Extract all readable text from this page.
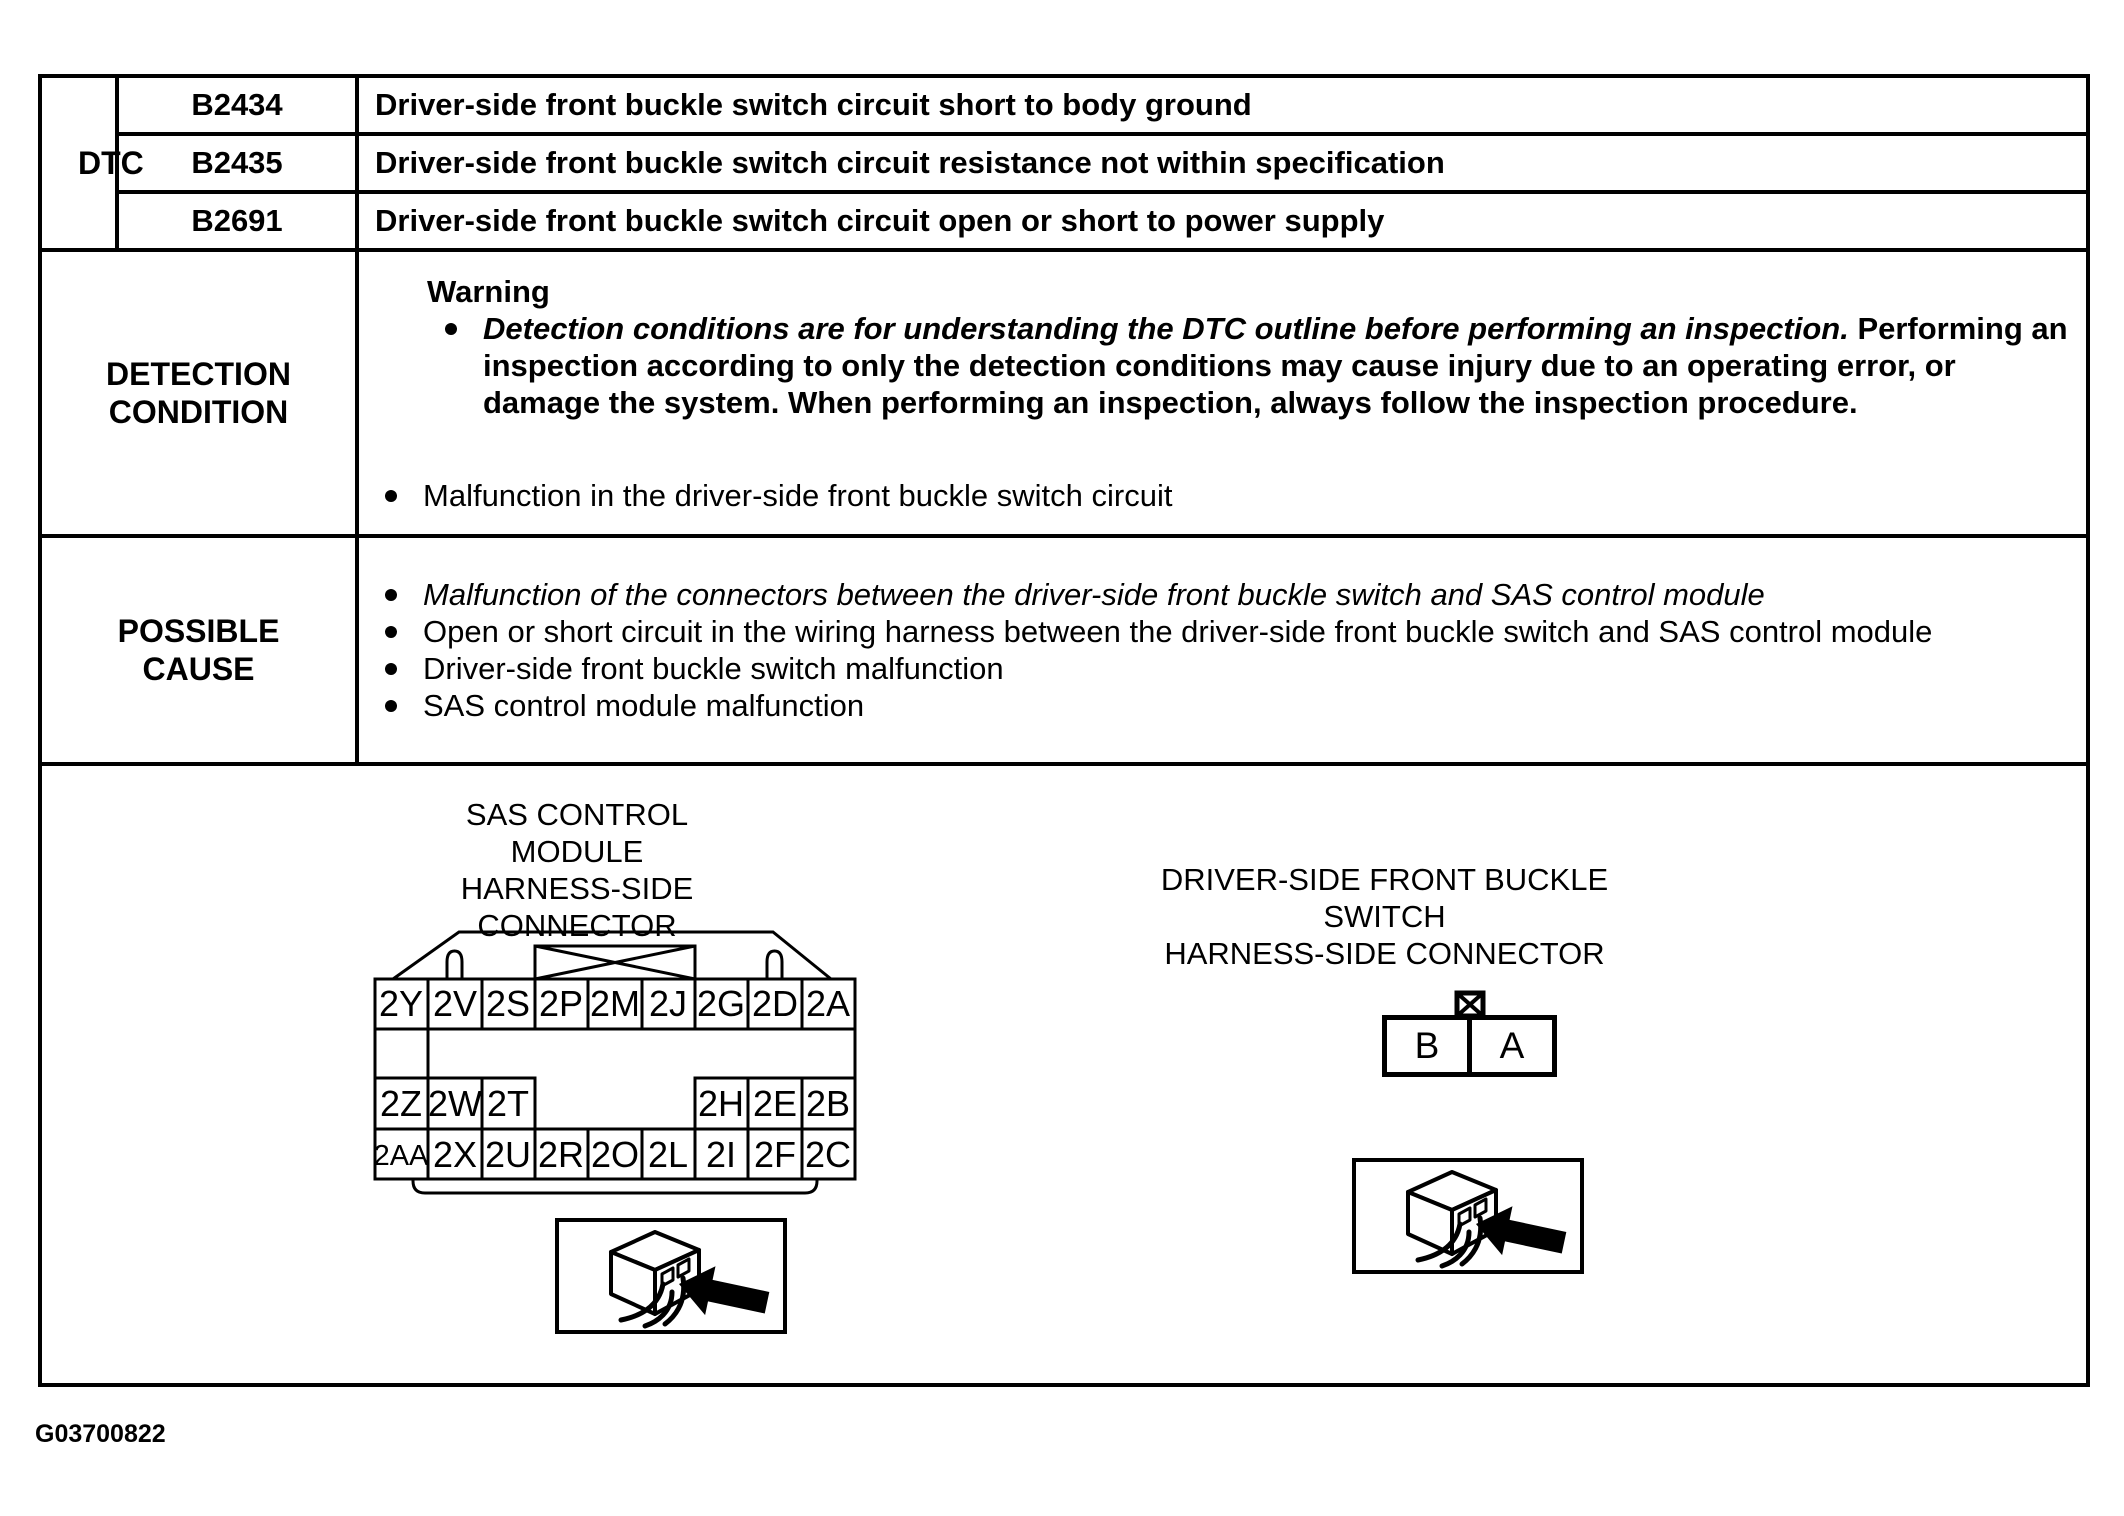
DTC	B2434	Driver-side front buckle switch circuit short to body ground
	B2435	Driver-side front buckle switch circuit resistance not within specification
	B2691	Driver-side front buckle switch circuit open or short to power supply
DETECTION CONDITION		Warning
Detection conditions are for understanding the DTC outline before performing an inspection. Performing an inspection according to only the detection conditions may cause injury due to an operating error, or damage the system. When performing an inspection, always follow the inspection procedure.
Malfunction in the driver-side front buckle switch circuit

POSSIBLE CAUSE		Malfunction of the connectors between the driver-side front buckle switch and SAS control module
Open or short circuit in the wiring harness between the driver-side front buckle switch and SAS control module
Driver-side front buckle switch malfunction
SAS control module malfunction

SAS CONTROL MODULE
HARNESS-SIDE CONNECTOR
2Y 2V 2S 2P 2M 2J 2G 2D 2A
2Z 2W 2T	2H 2E 2B
2AA 2X 2U 2R 2O 2L 2I 2F 2C
DRIVER-SIDE FRONT BUCKLE SWITCH
HARNESS-SIDE CONNECTOR
B	A
G03700822
